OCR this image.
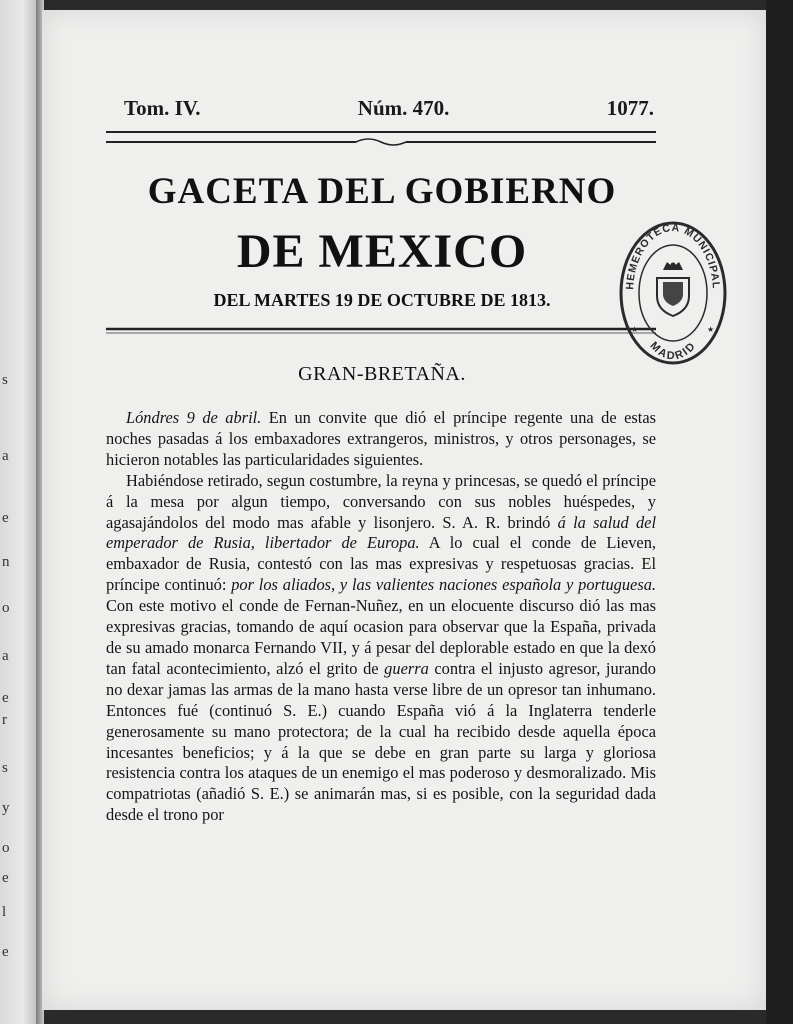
s
a
e
n
o
a
e
r
s
y
o
e
l
e
Tom. IV.	Núm. 470.	1077.
GACETA DEL GOBIERNO
DE MEXICO
DEL MARTES 19 DE OCTUBRE DE 1813.
HEMEROTECA MUNICIPAL
MADRID
★	★
GRAN-BRETAÑA.

Lóndres 9 de abril. En un convite que dió el príncipe regente una de estas noches pasadas á los embaxadores extrangeros, ministros, y otros personages, se hicieron notables las particularidades siguientes.

Habiéndose retirado, segun costumbre, la reyna y princesas, se quedó el príncipe á la mesa por algun tiempo, conversando con sus nobles huéspedes, y agasajándolos del modo mas afable y lisonjero. S. A. R. brindó á la salud del emperador de Rusia, libertador de Europa. A lo cual el conde de Lieven, embaxador de Rusia, contestó con las mas expresivas y respetuosas gracias. El príncipe continuó: por los aliados, y las valientes naciones española y portuguesa. Con este motivo el conde de Fernan-Nuñez, en un elocuente discurso dió las mas expresivas gracias, tomando de aquí ocasion para observar que la España, privada de su amado monarca Fernando VII, y á pesar del deplorable estado en que la dexó tan fatal acontecimiento, alzó el grito de guerra contra el injusto agresor, jurando no dexar jamas las armas de la mano hasta verse libre de un opresor tan inhumano. Entonces fué (continuó S. E.) cuando España vió á la Inglaterra tenderle generosamente su mano protectora; de la cual ha recibido desde aquella época incesantes beneficios; y á la que se debe en gran parte su larga y gloriosa resistencia contra los ataques de un enemigo el mas poderoso y desmoralizado. Mis compatriotas (añadió S. E.) se animarán mas, si es posible, con la seguridad dada desde el trono por
